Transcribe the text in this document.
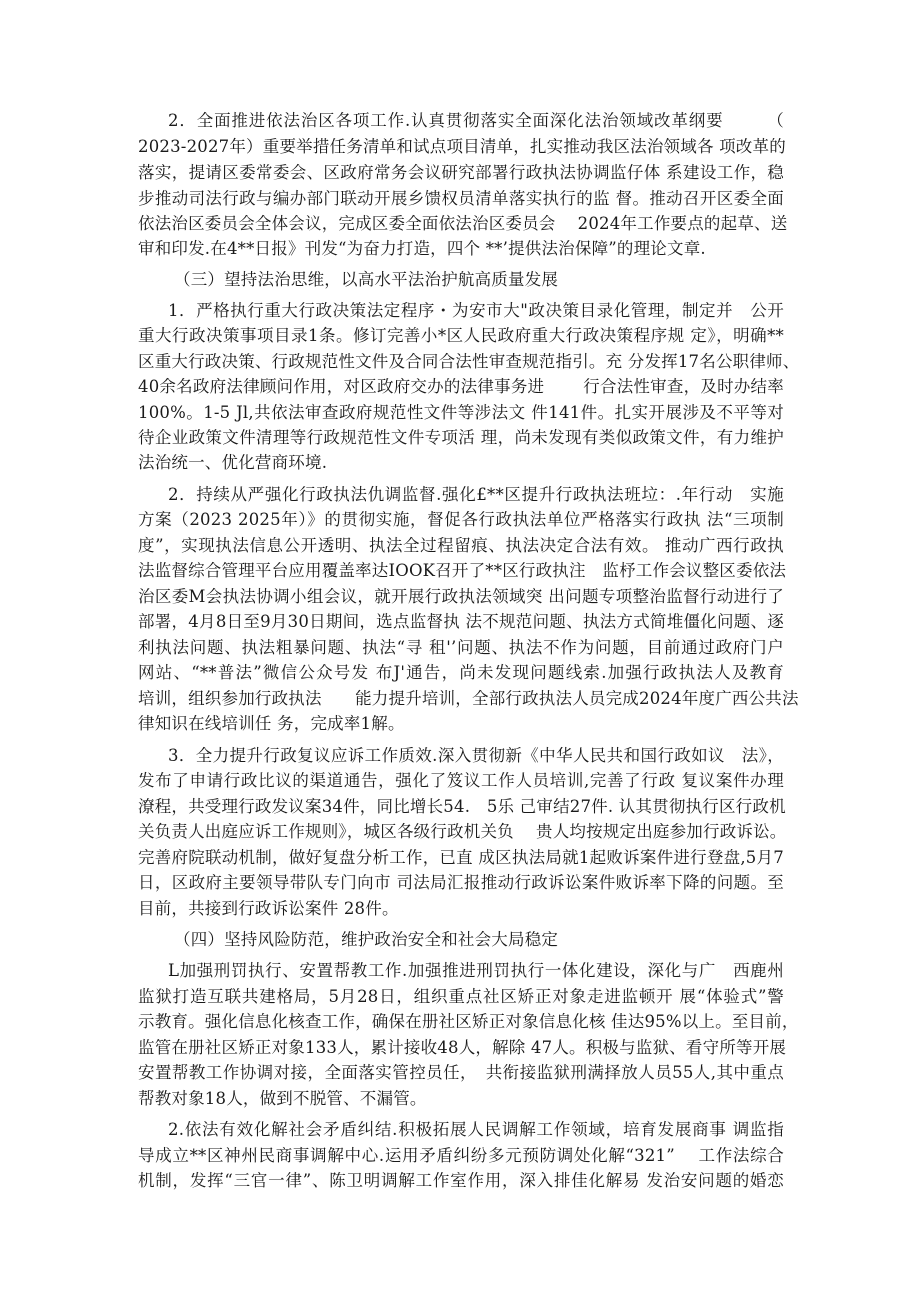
2．全面推进依法治区各项工作.认真贯彻落实全面深化法治领域改革纲要　　　（
2023-2027年）重要举措任务清单和试点项目清单，扎实推动我区法治领域各 项改革的
落实，提请区委常委会、区政府常务会议研究部署行政执法协调监仔体 系建设工作，稳
步推动司法行政与编办部门联动开展乡馈权员清单落实执行的监 督。推动召开区委全面
依法治区委员会全体会议，完成区委全面依法治区委员会　 2024年工作要点的起草、送
审和印发.在4**日报》刊发“为奋力打造，四个 **’提供法治保障”的理论文章.
（三）望持法治思维，以高水平法治护航高质量发展
1．严格执行重大行政决策法定程序・为安市大"政决策目录化管理，制定并　公开
重大行政决策事项目录1条。修订完善小*区人民政府重大行政决策程序规 定》，明确**
区重大行政决策、行政规范性文件及合同合法性审查规范指引。充 分发挥17名公职律师、
40余名政府法律顾问作用，对区政府交办的法律事务进　　 行合法性审查，及时办结率
100%。1-5 Jl,共依法审查政府规范性文件等涉法文 件141件。扎实开展涉及不平等对
待企业政策文件清理等行政规范性文件专项活 理，尚未发现有类似政策文件，有力维护
法治统一、优化营商环境.
2．持续从严强化行政执法仇调监督.强化£**区提升行政执法班垃：.年行动　实施
方案（2023 2025年）》的贯彻实施，督促各行政执法单位严格落实行政执 法“三项制
度”，实现执法信息公开透明、执法全过程留痕、执法决定合法有效。 推动广西行政执
法监督综合管理平台应用覆盖率达IOOK召开了**区行政执注　监杼工作会议整区委依法
治区委M会执法协调小组会议，就开展行政执法领域突 出问题专项整治监督行动进行了
部署，4月8日至9月30日期间，选点监督执 法不规范问题、执法方式简堆僵化问题、逐
利执法问题、执法粗暴问题、执法“寻 租'’问题、执法不作为问题，目前通过政府门户
网站、“**普法”微信公众号发 布J'通告，尚未发现问题线索.加强行政执法人及教育
培训，组织参加行政执法　　能力提升培训，全部行政执法人员完成2024年度广西公共法
律知识在线培训任 务，完成率1解。
3．全力提升行政复议应诉工作质效.深入贯彻新《中华人民共和国行政如议　法》，
发布了申请行政比议的渠道通告，强化了笈议工作人员培训,完善了行政 复议案件办理
潦程，共受理行政发议案34件，同比增长54.　5乐 己审结27件. 认其贯彻执行区行政机
关负责人出庭应诉工作规则》，城区各级行政机关负　 贵人均按规定出庭参加行政诉讼。
完善府院联动机制，做好复盘分析工作，已直 成区执法局就1起败诉案件进行登盘,5月7
日，区政府主要领导带队专门向市 司法局汇报推动行政诉讼案件败诉率下降的问题。至
目前，共接到行政诉讼案件 28件。
（四）坚持风险防范，维护政治安全和社会大局稳定
L加强刑罚执行、安置帮教工作.加强推进刑罚执行一体化建设，深化与广　西鹿州
监狱打造互联共建格局，5月28日，组织重点社区矫正对象走进监顿开 展“体验式”警
示教育。强化信息化核查工作，确保在册社区矫正对象信息化核 佳达95%以上。至目前，
监管在册社区矫正对象133人，累计接收48人，解除 47人。积极与监狱、看守所等开展
安置帮教工作协调对接，全面落实管控员任，　共衔接监狱刑满择放人员55人,其中重点
帮教对象18人，做到不脱管、不漏管。
2.依法有效化解社会矛盾纠结.积极拓展人民调解工作领域，培育发展商事 调监指
导成立**区神州民商事调解中心.运用矛盾纠纷多元预防调处化解“321”　 工作法综合
机制，发挥“三官一律”、陈卫明调解工作室作用，深入排佳化解易 发治安问题的婚恋
